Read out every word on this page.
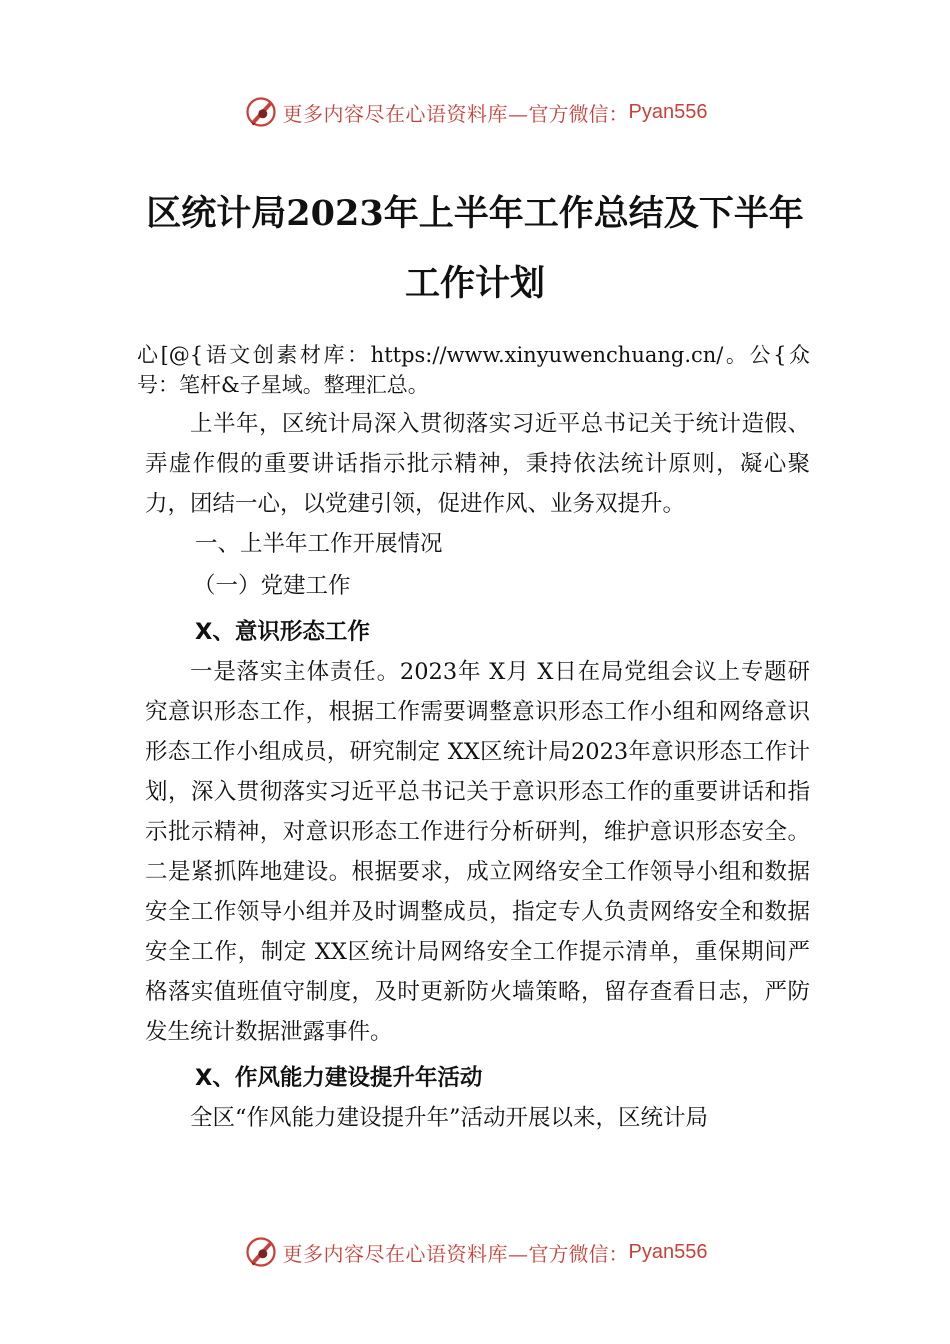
更多内容尽在心语资料库— 官方微信： Pyan556
区统计局2023年上半年工作总结及下半年
工作计划

心[@{语文创素材库：https://www.xinyuwenchuang.cn/。公{众号：笔杆&子星域。整理汇总。

上半年，区统计局深入贯彻落实习近平总书记关于统计造假、弄虚作假的重要讲话指示批示精神，秉持依法统计原则，凝心聚力，团结一心，以党建引领，促进作风、业务双提升。

一、上半年工作开展情况

（一）党建工作

X、意识形态工作

一是落实主体责任。2023年 X月 X日在局党组会议上专题研究意识形态工作，根据工作需要调整意识形态工作小组和网络意识形态工作小组成员，研究制定 XX区统计局2023年意识形态工作计划，深入贯彻落实习近平总书记关于意识形态工作的重要讲话和指示批示精神，对意识形态工作进行分析研判，维护意识形态安全。二是紧抓阵地建设。根据要求，成立网络安全工作领导小组和数据安全工作领导小组并及时调整成员，指定专人负责网络安全和数据安全工作，制定 XX区统计局网络安全工作提示清单，重保期间严格落实值班值守制度，及时更新防火墙策略，留存查看日志，严防发生统计数据泄露事件。

X、作风能力建设提升年活动

全区“作风能力建设提升年”活动开展以来，区统计局

更多内容尽在心语资料库— 官方微信： Pyan556
